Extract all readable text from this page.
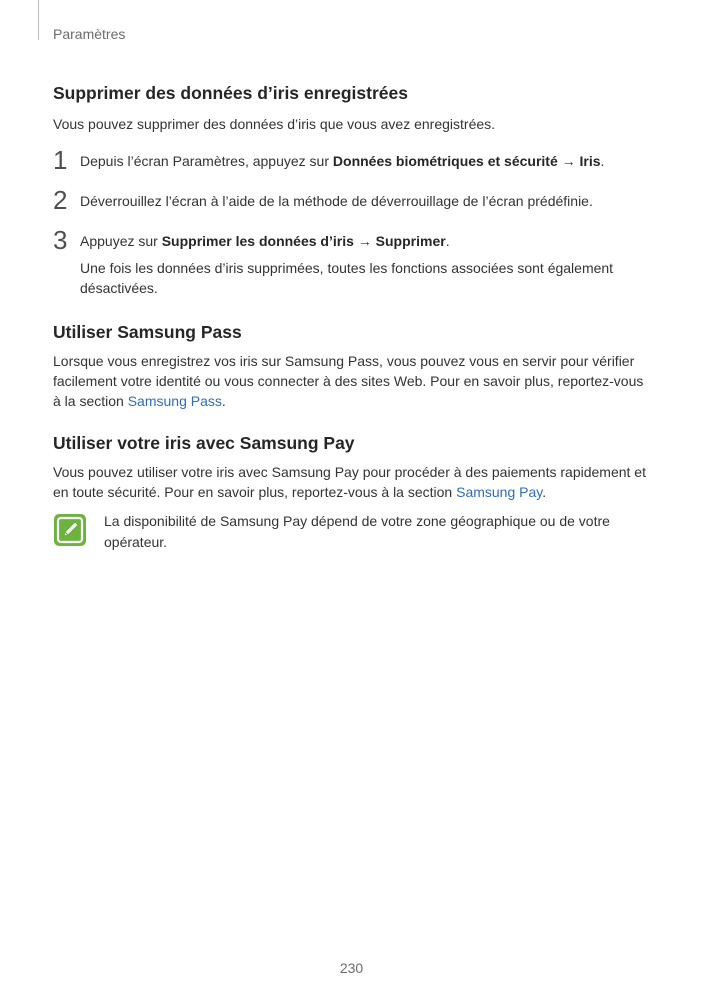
Paramètres
Supprimer des données d’iris enregistrées
Vous pouvez supprimer des données d’iris que vous avez enregistrées.
1 Depuis l’écran Paramètres, appuyez sur Données biométriques et sécurité → Iris.
2 Déverrouillez l’écran à l’aide de la méthode de déverrouillage de l’écran prédéfinie.
3 Appuyez sur Supprimer les données d’iris → Supprimer.
Une fois les données d’iris supprimées, toutes les fonctions associées sont également désactivées.
Utiliser Samsung Pass
Lorsque vous enregistrez vos iris sur Samsung Pass, vous pouvez vous en servir pour vérifier facilement votre identité ou vous connecter à des sites Web. Pour en savoir plus, reportez-vous à la section Samsung Pass.
Utiliser votre iris avec Samsung Pay
Vous pouvez utiliser votre iris avec Samsung Pay pour procéder à des paiements rapidement et en toute sécurité. Pour en savoir plus, reportez-vous à la section Samsung Pay.
La disponibilité de Samsung Pay dépend de votre zone géographique ou de votre opérateur.
230
